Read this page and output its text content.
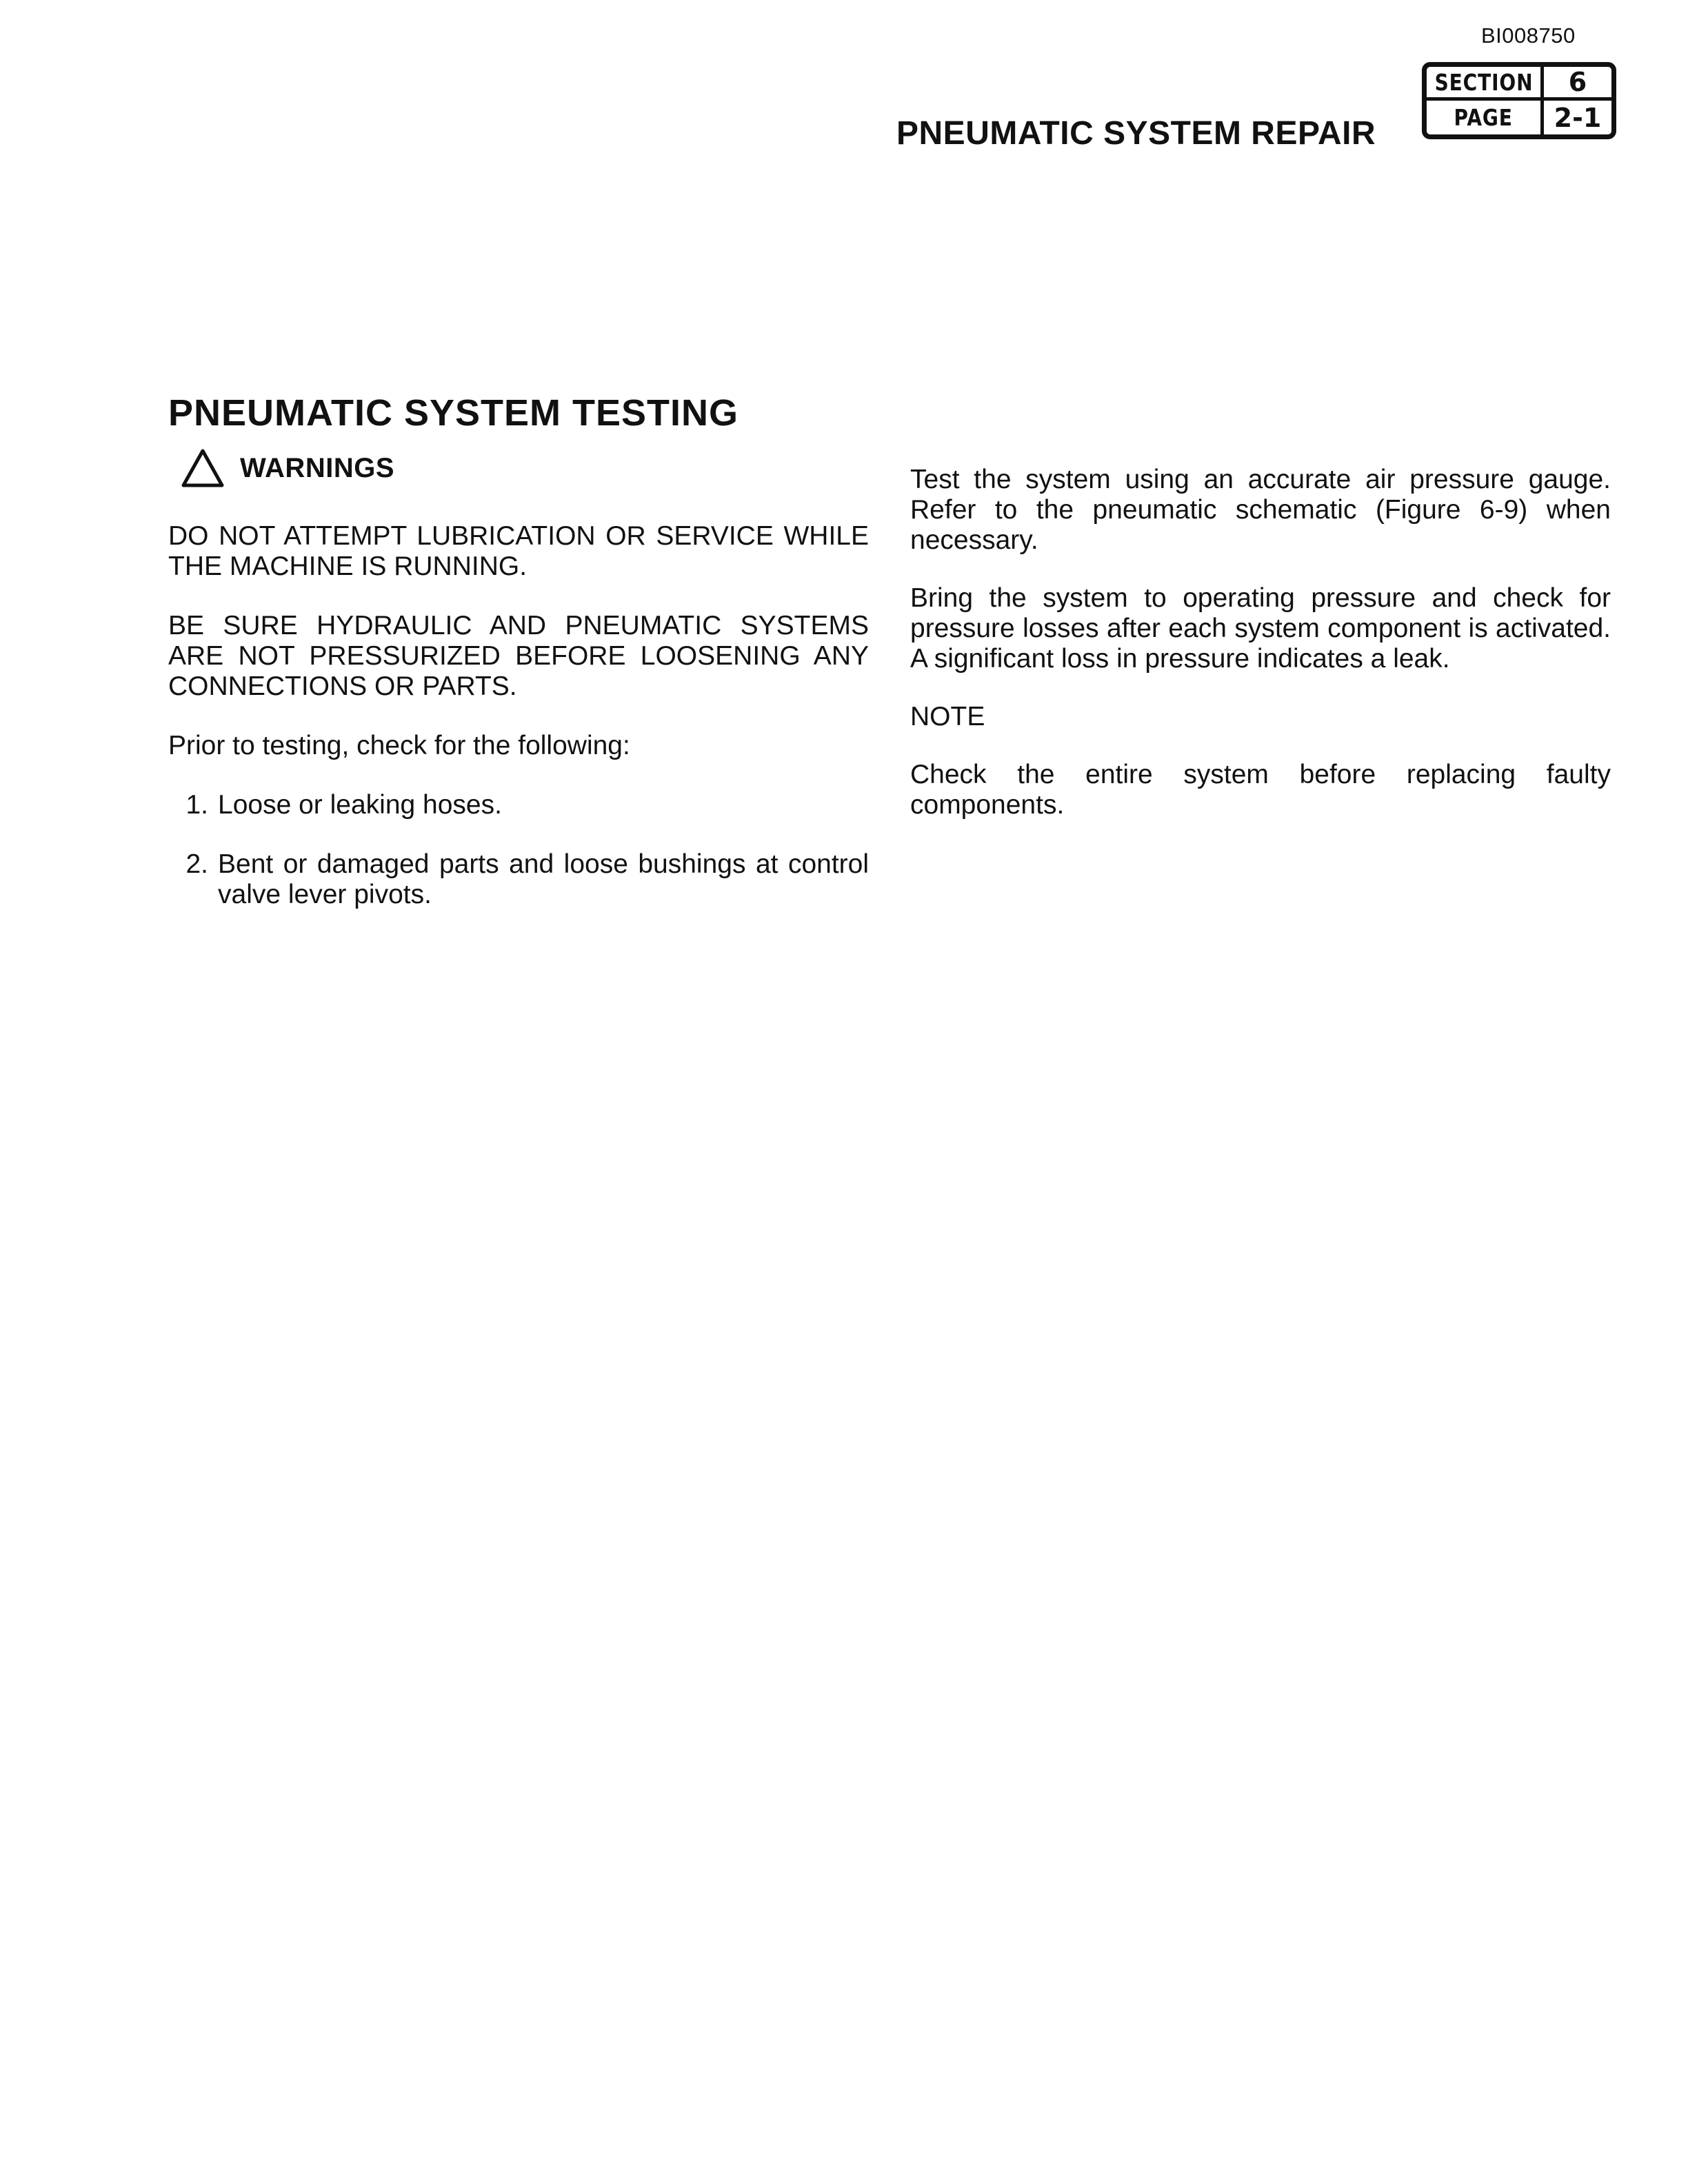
BI008750
PNEUMATIC SYSTEM REPAIR
SECTION 6
PAGE 2-1
PNEUMATIC SYSTEM TESTING
WARNINGS

DO NOT ATTEMPT LUBRICATION OR SERVICE WHILE THE MACHINE IS RUNNING.

BE SURE HYDRAULIC AND PNEUMATIC SYSTEMS ARE NOT PRESSURIZED BEFORE LOOSENING ANY CONNECTIONS OR PARTS.

Prior to testing, check for the following:

1. Loose or leaking hoses.
2. Bent or damaged parts and loose bushings at control valve lever pivots.

Test the system using an accurate air pressure gauge. Refer to the pneumatic schematic (Figure 6-9) when necessary.

Bring the system to operating pressure and check for pressure losses after each system component is activated. A significant loss in pressure indicates a leak.

NOTE

Check the entire system before replacing faulty components.
